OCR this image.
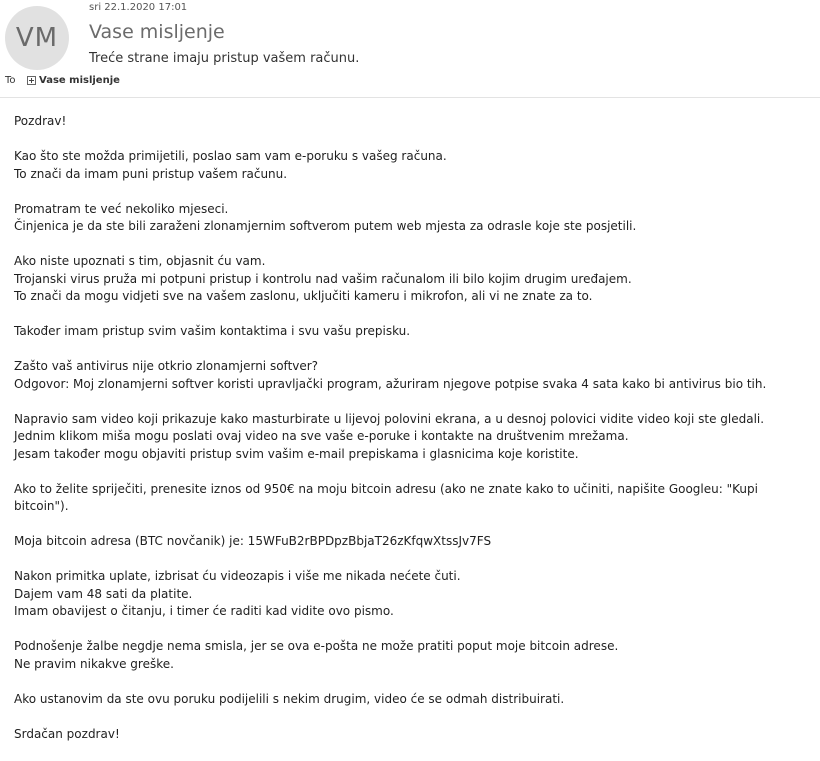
VM
sri 22.1.2020 17:01
Vase misljenje
Treće strane imaju pristup vašem računu.
To	Vase misljenje

Pozdrav!

Kao što ste možda primijetili, poslao sam vam e-poruku s vašeg računa.
To znači da imam puni pristup vašem računu.

Promatram te već nekoliko mjeseci.
Činjenica je da ste bili zaraženi zlonamjernim softverom putem web mjesta za odrasle koje ste posjetili.

Ako niste upoznati s tim, objasnit ću vam.
Trojanski virus pruža mi potpuni pristup i kontrolu nad vašim računalom ili bilo kojim drugim uređajem.
To znači da mogu vidjeti sve na vašem zaslonu, uključiti kameru i mikrofon, ali vi ne znate za to.

Također imam pristup svim vašim kontaktima i svu vašu prepisku.

Zašto vaš antivirus nije otkrio zlonamjerni softver?
Odgovor: Moj zlonamjerni softver koristi upravljački program, ažuriram njegove potpise svaka 4 sata kako bi antivirus bio tih.

Napravio sam video koji prikazuje kako masturbirate u lijevoj polovini ekrana, a u desnoj polovici vidite video koji ste gledali.
Jednim klikom miša mogu poslati ovaj video na sve vaše e-poruke i kontakte na društvenim mrežama.
Jesam također mogu objaviti pristup svim vašim e-mail prepiskama i glasnicima koje koristite.

Ako to želite spriječiti, prenesite iznos od 950€ na moju bitcoin adresu (ako ne znate kako to učiniti, napišite Googleu: "Kupi bitcoin").

Moja bitcoin adresa (BTC novčanik) je: 15WFuB2rBPDpzBbjaT26zKfqwXtssJv7FS

Nakon primitka uplate, izbrisat ću videozapis i više me nikada nećete čuti.
Dajem vam 48 sati da platite.
Imam obavijest o čitanju, i timer će raditi kad vidite ovo pismo.

Podnošenje žalbe negdje nema smisla, jer se ova e-pošta ne može pratiti poput moje bitcoin adrese.
Ne pravim nikakve greške.

Ako ustanovim da ste ovu poruku podijelili s nekim drugim, video će se odmah distribuirati.

Srdačan pozdrav!
